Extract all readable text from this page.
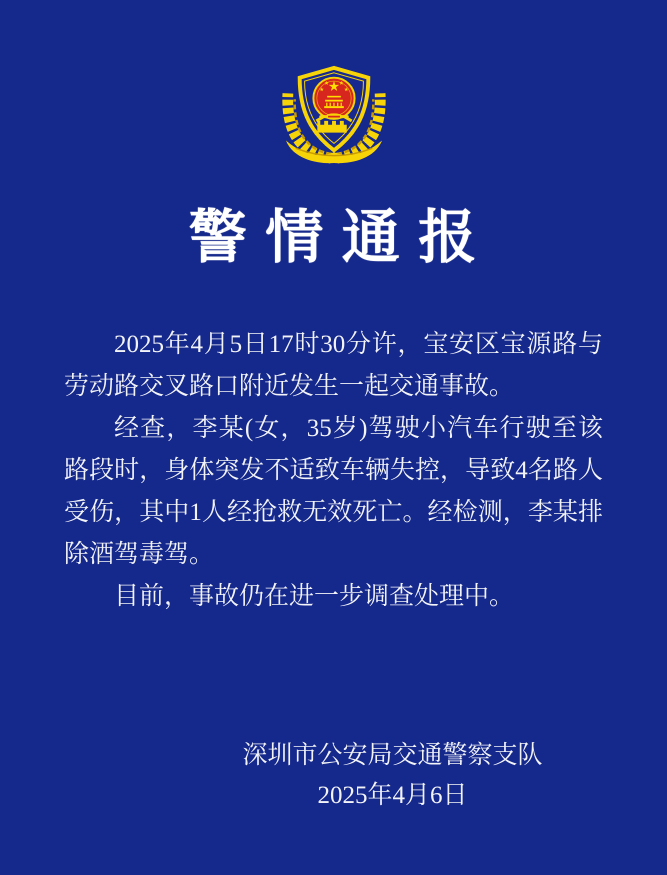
警 情 通 报

2025年4月5日17时30分许，宝安区宝源路与劳动路交叉路口附近发生一起交通事故。

经查，李某(女，35岁)驾驶小汽车行驶至该路段时，身体突发不适致车辆失控，导致4名路人受伤，其中1人经抢救无效死亡。经检测，李某排除酒驾毒驾。

目前，事故仍在进一步调查处理中。

深圳市公安局交通警察支队
2025年4月6日
